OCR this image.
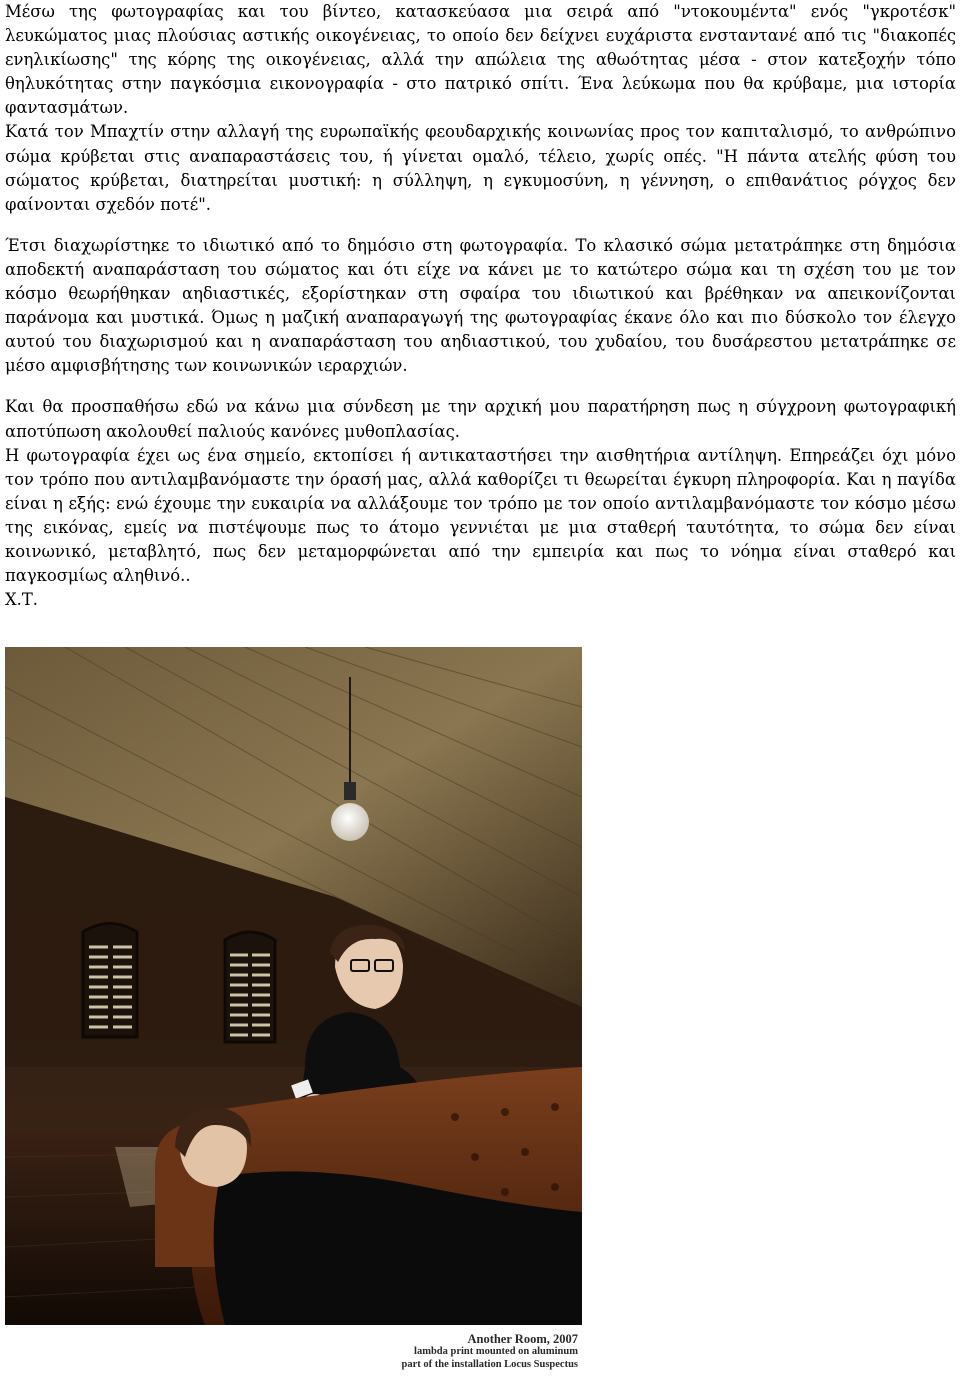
Μέσω της φωτογραφίας και του βίντεο, κατασκεύασα μια σειρά από "ντοκουμέντα" ενός "γκροτέσκ" λευκώματος μιας πλούσιας αστικής οικογένειας, το οποίο δεν δείχνει ευχάριστα ενσταντανέ από τις "διακοπές ενηλικίωσης" της κόρης της οικογένειας, αλλά την απώλεια της αθωότητας μέσα - στον κατεξοχήν τόπο θηλυκότητας στην παγκόσμια εικονογραφία - στο πατρικό σπίτι. Ένα λεύκωμα που θα κρύβαμε, μια ιστορία φαντασμάτων.

Κατά τον Μπαχτίν στην αλλαγή της ευρωπαϊκής φεουδαρχικής κοινωνίας προς τον καπιταλισμό, το ανθρώπινο σώμα κρύβεται στις αναπαραστάσεις του, ή γίνεται ομαλό, τέλειο, χωρίς οπές. "Η πάντα ατελής φύση του σώματος κρύβεται, διατηρείται μυστική: η σύλληψη, η εγκυμοσύνη, η γέννηση, ο επιθανάτιος ρόγχος δεν φαίνονται σχεδόν ποτέ".

Έτσι διαχωρίστηκε το ιδιωτικό από το δημόσιο στη φωτογραφία. Το κλασικό σώμα μετατράπηκε στη δημόσια αποδεκτή αναπαράσταση του σώματος και ότι είχε να κάνει με το κατώτερο σώμα και τη σχέση του με τον κόσμο θεωρήθηκαν αηδιαστικές, εξορίστηκαν στη σφαίρα του ιδιωτικού και βρέθηκαν να απεικονίζονται παράνομα και μυστικά. Όμως η μαζική αναπαραγωγή της φωτογραφίας έκανε όλο και πιο δύσκολο τον έλεγχο αυτού του διαχωρισμού και η αναπαράσταση του αηδιαστικού, του χυδαίου, του δυσάρεστου μετατράπηκε σε μέσο αμφισβήτησης των κοινωνικών ιεραρχιών.

Και θα προσπαθήσω εδώ να κάνω μια σύνδεση με την αρχική μου παρατήρηση πως η σύγχρονη φωτογραφική αποτύπωση ακολουθεί παλιούς κανόνες μυθοπλασίας.

Η φωτογραφία έχει ως ένα σημείο, εκτοπίσει ή αντικαταστήσει την αισθητήρια αντίληψη. Επηρεάζει όχι μόνο τον τρόπο που αντιλαμβανόμαστε την όρασή μας, αλλά καθορίζει τι θεωρείται έγκυρη πληροφορία. Και η παγίδα είναι η εξής: ενώ έχουμε την ευκαιρία να αλλάξουμε τον τρόπο με τον οποίο αντιλαμβανόμαστε τον κόσμο μέσω της εικόνας, εμείς να πιστέψουμε πως το άτομο γεννιέται με μια σταθερή ταυτότητα, το σώμα δεν είναι κοινωνικό, μεταβλητό, πως δεν μεταμορφώνεται από την εμπειρία και πως το νόημα είναι σταθερό και παγκοσμίως αληθινό..

Χ.Τ.

Another Room, 2007
lambda print mounted on aluminum
part of the installation Locus Suspectus
